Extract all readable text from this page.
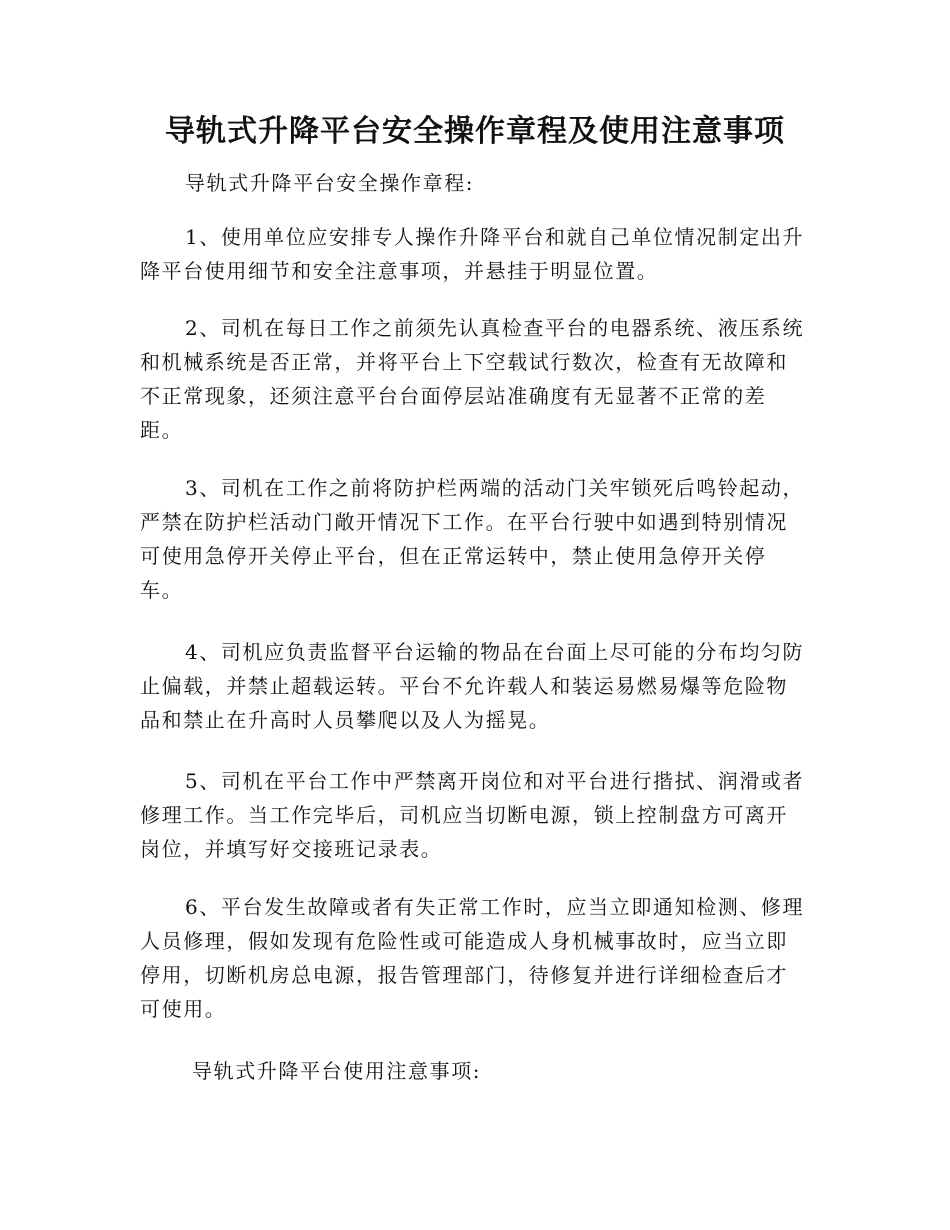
导轨式升降平台安全操作章程及使用注意事项

导轨式升降平台安全操作章程:

1、使用单位应安排专人操作升降平台和就自己单位情况制定出升
降平台使用细节和安全注意事项，并悬挂于明显位置。
2、司机在每日工作之前须先认真检查平台的电器系统、液压系统
和机械系统是否正常，并将平台上下空载试行数次，检查有无故障和
不正常现象，还须注意平台台面停层站准确度有无显著不正常的差
距。
3、司机在工作之前将防护栏两端的活动门关牢锁死后鸣铃起动，
严禁在防护栏活动门敞开情况下工作。在平台行驶中如遇到特别情况
可使用急停开关停止平台，但在正常运转中，禁止使用急停开关停
车。
4、司机应负责监督平台运输的物品在台面上尽可能的分布均匀防
止偏载，并禁止超载运转。平台不允许载人和装运易燃易爆等危险物
品和禁止在升高时人员攀爬以及人为摇晃。
5、司机在平台工作中严禁离开岗位和对平台进行揩拭、润滑或者
修理工作。当工作完毕后，司机应当切断电源，锁上控制盘方可离开
岗位，并填写好交接班记录表。
6、平台发生故障或者有失正常工作时，应当立即通知检测、修理
人员修理，假如发现有危险性或可能造成人身机械事故时，应当立即
停用，切断机房总电源，报告管理部门，待修复并进行详细检查后才
可使用。

导轨式升降平台使用注意事项:
